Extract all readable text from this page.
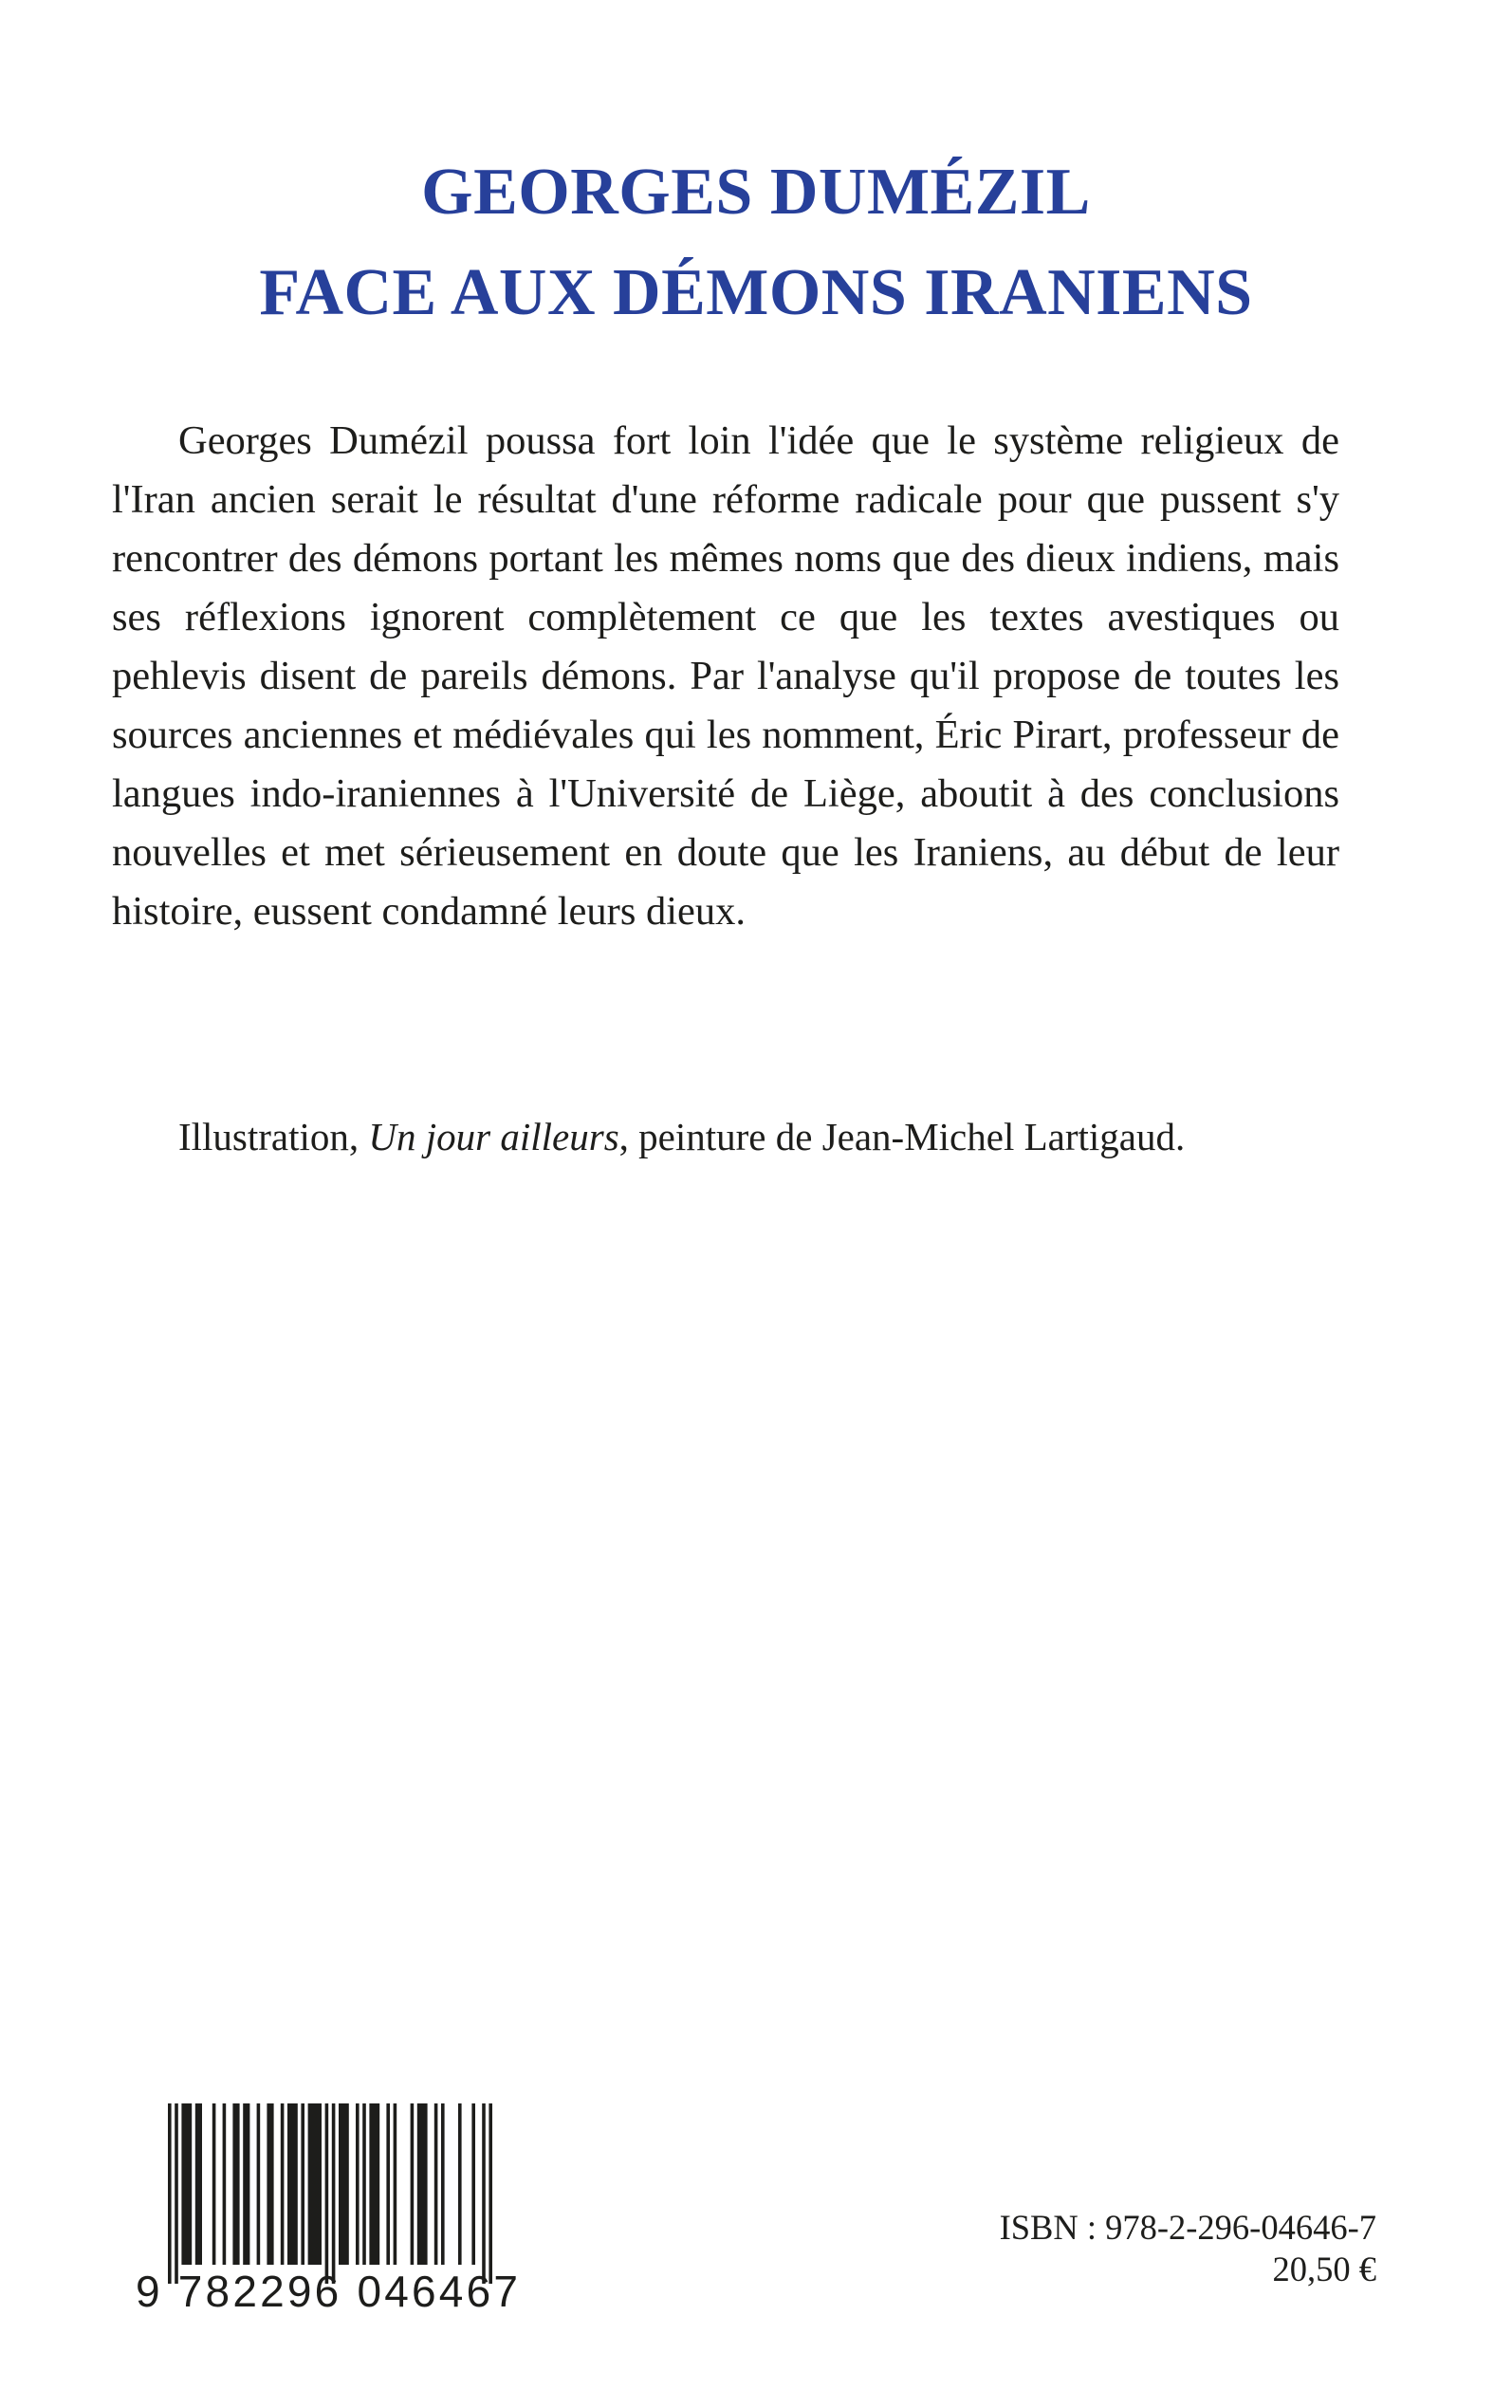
GEORGES DUMÉZIL
FACE AUX DÉMONS IRANIENS

Georges Dumézil poussa fort loin l'idée que le système religieux de l'Iran ancien serait le résultat d'une réforme radicale pour que pussent s'y rencontrer des démons portant les mêmes noms que des dieux indiens, mais ses réflexions ignorent complètement ce que les textes avestiques ou pehlevis disent de pareils démons. Par l'analyse qu'il propose de toutes les sources anciennes et médiévales qui les nomment, Éric Pirart, professeur de langues indo-iraniennes à l'Université de Liège, aboutit à des conclusions nouvelles et met sérieusement en doute que les Iraniens, au début de leur histoire, eussent condamné leurs dieux.

Illustration, Un jour ailleurs, peinture de Jean-Michel Lartigaud.

9 782296 046467

ISBN : 978-2-296-04646-7

20,50 €
